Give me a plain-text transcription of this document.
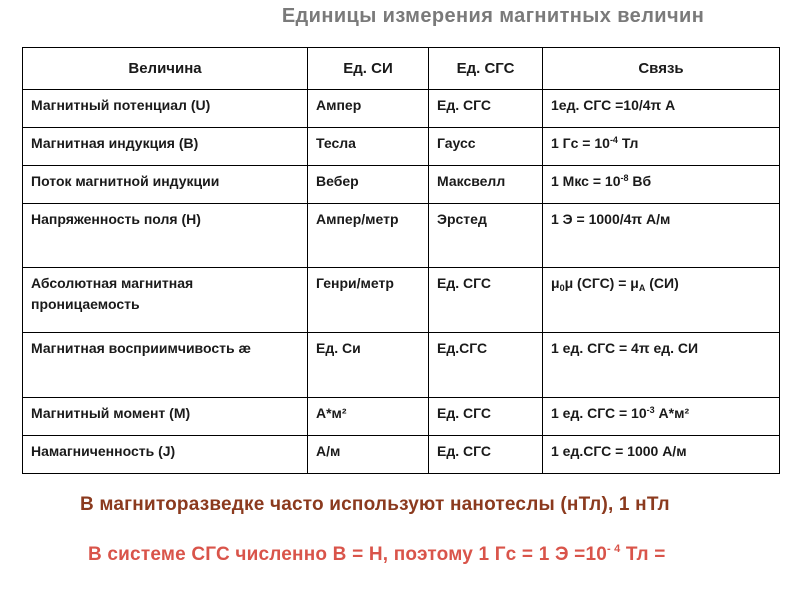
Единицы измерения магнитных величин
Величина	Ед. СИ	Ед. СГС	Связь
Магнитный потенциал (U)	Ампер	Ед. СГС	1ед. СГС =10/4π А
Магнитная индукция (B)	Тесла	Гаусс	1 Гс = $10^{-4}$ Тл
Поток магнитной индукции	Вебер	Максвелл	1 Мкс = $10^{-8}$ Вб
Напряженность поля (H)	Ампер/метр	Эрстед	1 Э = 1000/4π А/м
Абсолютная магнитная
проницаемость	Генри/метр	Ед. СГС	$\mu_0\mu$ $(СГС) = \mu_A$ (СИ)
Магнитная восприимчивость æ	Ед. Си	Ед.СГС	1 ед. СГС = 4π ед. СИ
Магнитный момент (M)	А*м²	Ед. СГС	1 ед. СГС = $10^{-3}$ А*м²
Намагниченность (J)	А/м	Ед. СГС	1 ед.СГС = 1000 А/м
В магниторазведке часто используют нанотеслы (нТл), 1 нТл
В системе СГС численно B = H, поэтому 1 Гс = 1 $Э =10^{- 4}$ Тл =
